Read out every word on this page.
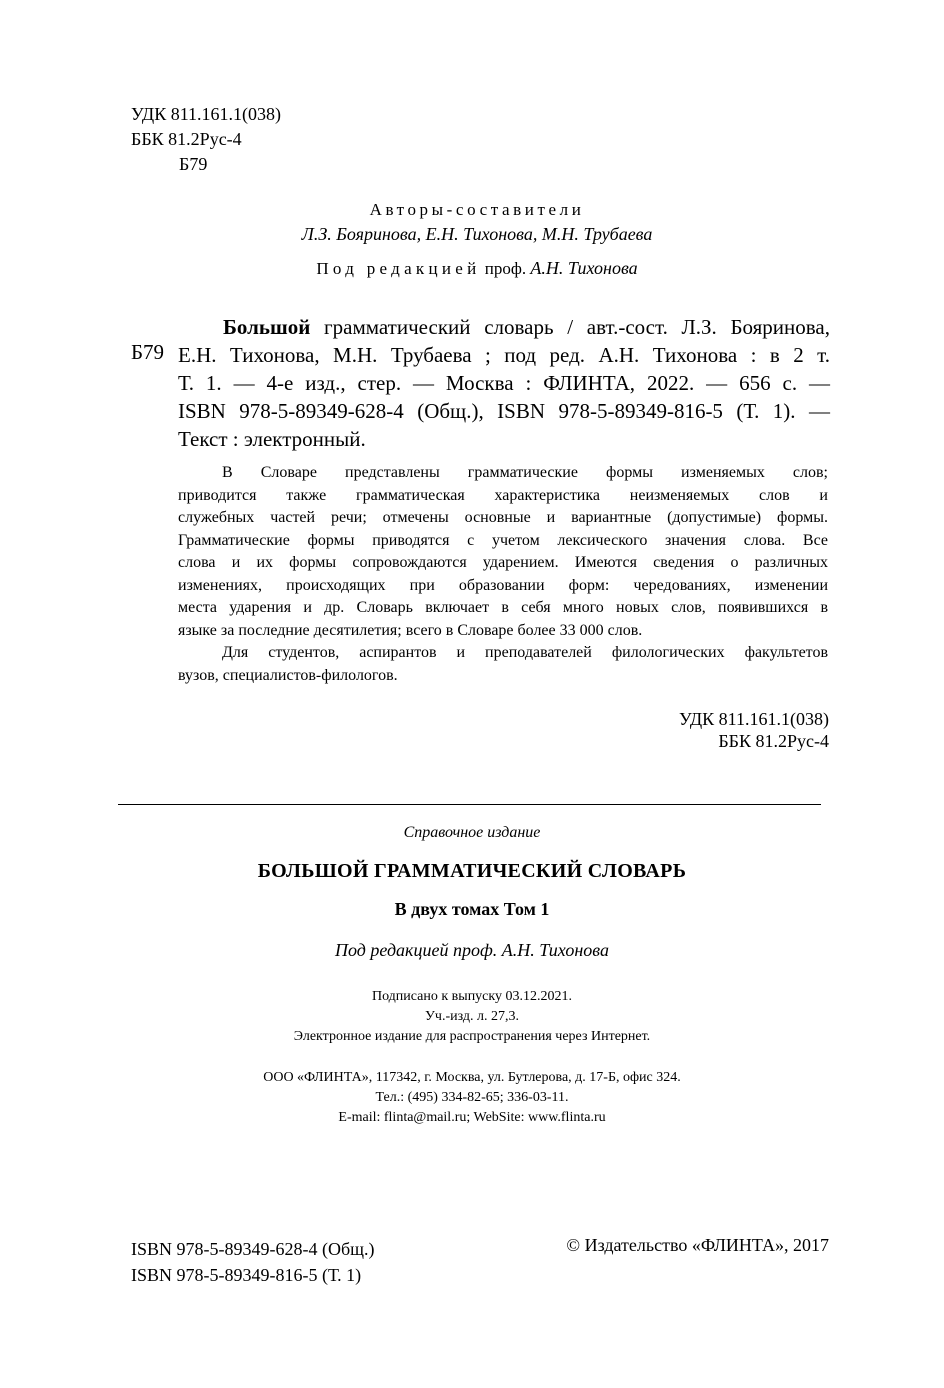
УДК 811.161.1(038)
ББК 81.2Рус-4
Б79
Авторы-составители
Л.З. Бояринова, Е.Н. Тихонова, М.Н. Трубаева
Под редакцией проф. А.Н. Тихонова
Б79
Большой грамматический словарь / авт.-сост. Л.З. Бояринова,
Е.Н. Тихонова, М.Н. Трубаева ; под ред. А.Н. Тихонова : в 2 т.
Т. 1. — 4-е изд., стер. — Москва : ФЛИНТА, 2022. — 656 с. —
ISBN 978-5-89349-628-4 (Общ.), ISBN 978-5-89349-816-5 (Т. 1). —
Текст : электронный.
В Словаре представлены грамматические формы изменяемых слов;
приводится также грамматическая характеристика неизменяемых слов и
служебных частей речи; отмечены основные и вариантные (допустимые) формы.
Грамматические формы приводятся с учетом лексического значения слова. Все
слова и их формы сопровождаются ударением. Имеются сведения о различных
изменениях, происходящих при образовании форм: чередованиях, изменении
места ударения и др. Словарь включает в себя много новых слов, появившихся в
языке за последние десятилетия; всего в Словаре более 33 000 слов.
Для студентов, аспирантов и преподавателей филологических факультетов
вузов, специалистов-филологов.
УДК 811.161.1(038)
ББК 81.2Рус-4
Справочное издание
БОЛЬШОЙ ГРАММАТИЧЕСКИЙ СЛОВАРЬ
В двух томах Том 1
Под редакцией проф. А.Н. Тихонова
Подписано к выпуску 03.12.2021.
Уч.-изд. л. 27,3.
Электронное издание для распространения через Интернет.
ООО «ФЛИНТА», 117342, г. Москва, ул. Бутлерова, д. 17-Б, офис 324.
Тел.: (495) 334-82-65; 336-03-11.
E-mail: flinta@mail.ru; WebSite: www.flinta.ru
ISBN 978-5-89349-628-4 (Общ.)
ISBN 978-5-89349-816-5 (Т. 1)
© Издательство «ФЛИНТА», 2017
